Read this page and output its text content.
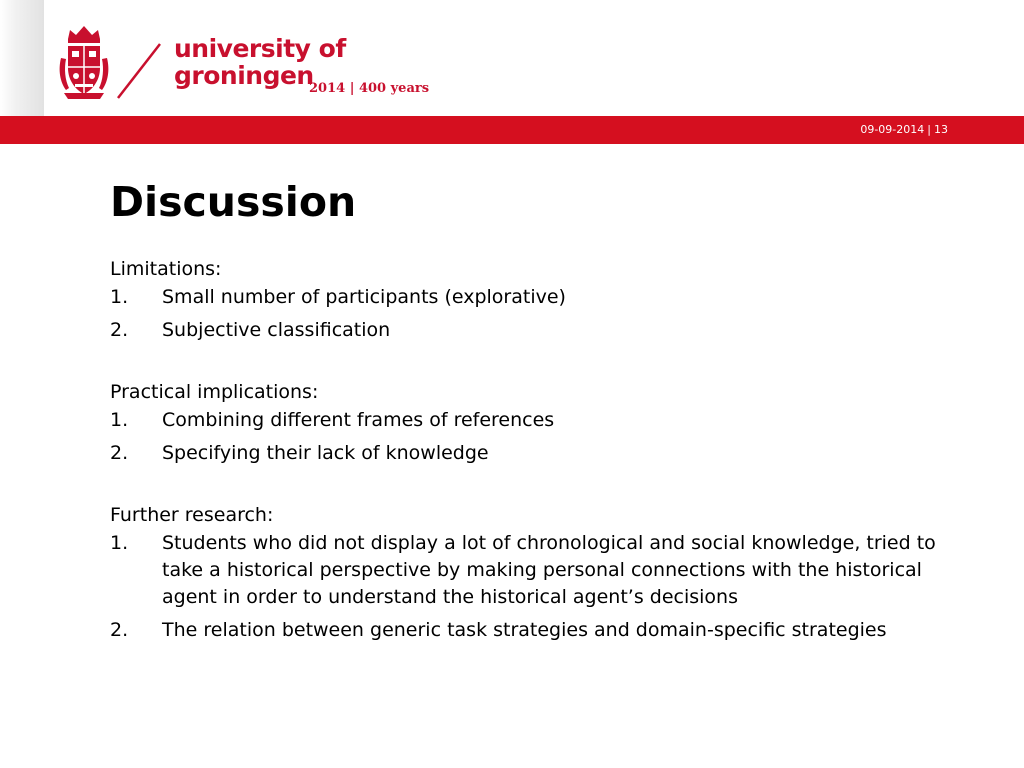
university of
groningen
2014 | 400 years
09-09-2014 | 13
Discussion

Limitations:

1. Small number of participants (explorative)
2. Subjective classification

Practical implications:

1. Combining different frames of references
2. Specifying their lack of knowledge

Further research:

1. Students who did not display a lot of chronological and social knowledge, tried to take a historical perspective by making personal connections with the historical agent in order to understand the historical agent’s decisions
2. The relation between generic task strategies and domain-specific strategies
